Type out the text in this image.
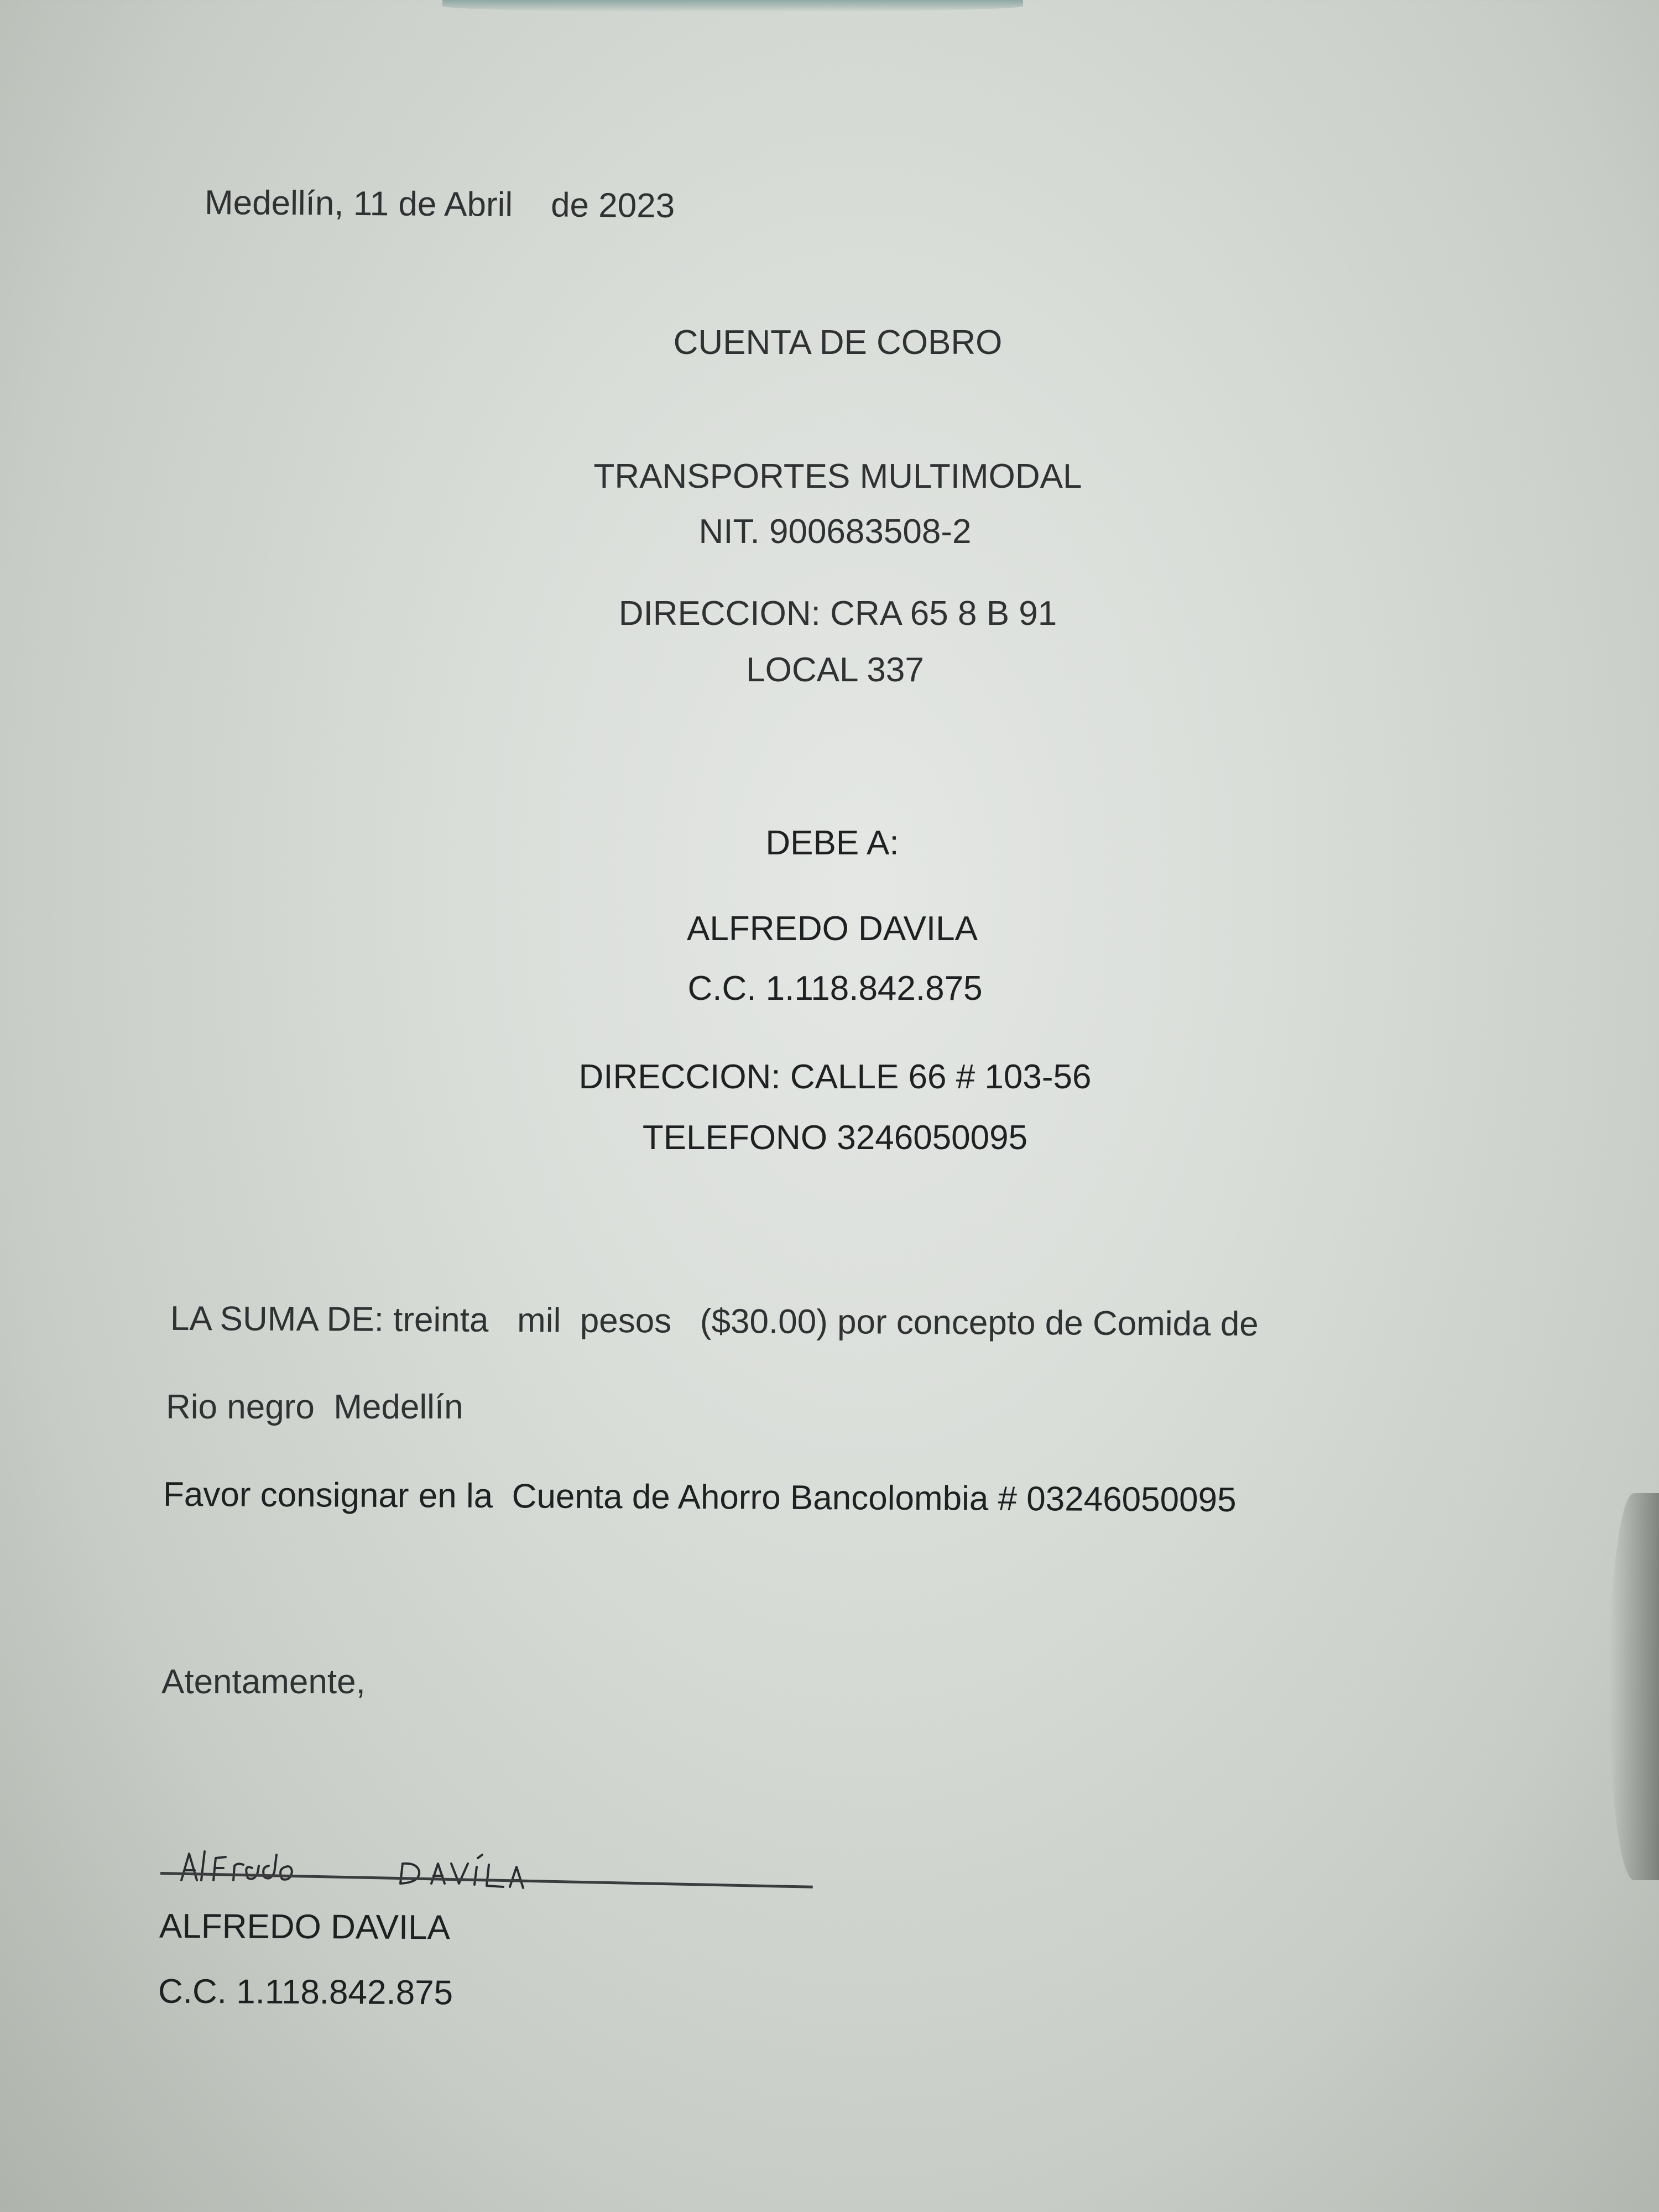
Medellín, 11 de Abril    de 2023
CUENTA DE COBRO
TRANSPORTES MULTIMODAL
NIT. 900683508-2
DIRECCION: CRA 65 8 B 91
LOCAL 337
DEBE A:
ALFREDO DAVILA
C.C. 1.118.842.875
DIRECCION: CALLE 66 # 103-56
TELEFONO 3246050095
LA SUMA DE: treinta   mil  pesos   ($30.00) por concepto de Comida de
Rio negro  Medellín
Favor consignar en la  Cuenta de Ahorro Bancolombia # 03246050095
Atentamente,
ALFREDO DAVILA
C.C. 1.118.842.875
